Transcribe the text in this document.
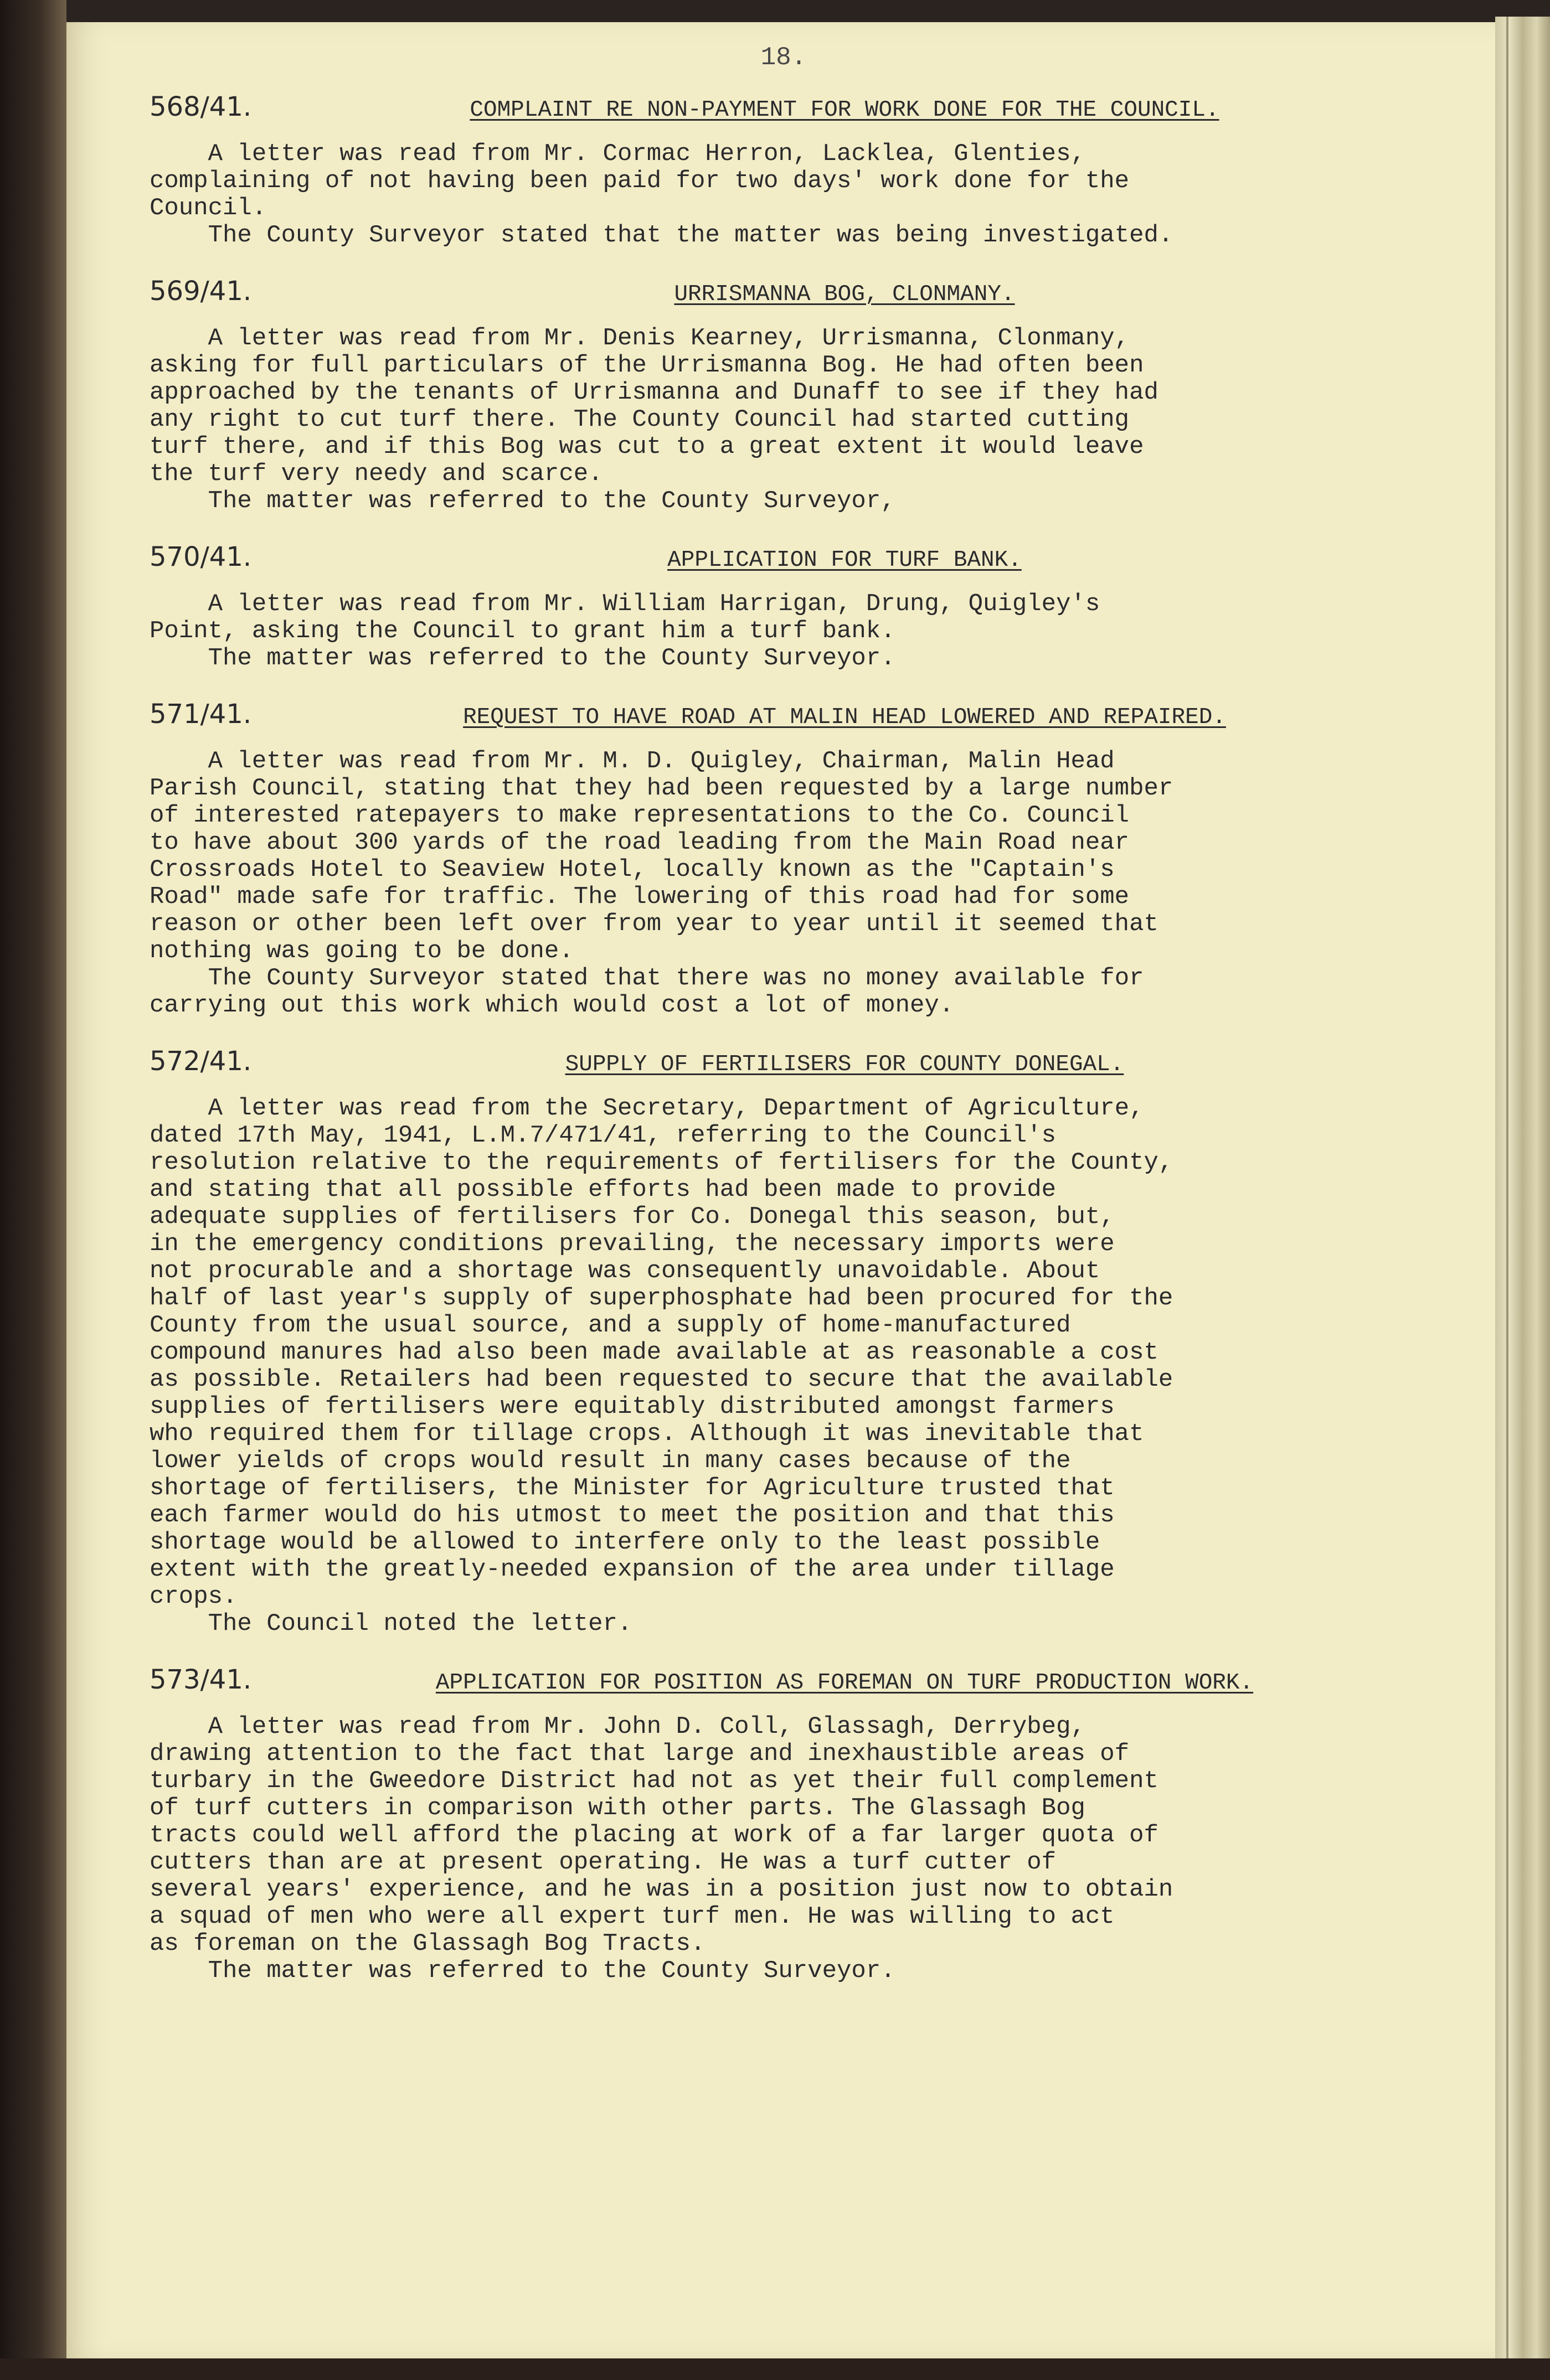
18.
568/41.	COMPLAINT RE NON-PAYMENT FOR WORK DONE FOR THE COUNCIL.

A letter was read from Mr. Cormac Herron, Lacklea, Glenties,
complaining of not having been paid for two days' work done for the
Council.
The County Surveyor stated that the matter was being investigated.

569/41.	URRISMANNA BOG, CLONMANY.

A letter was read from Mr. Denis Kearney, Urrismanna, Clonmany,
asking for full particulars of the Urrismanna Bog. He had often been
approached by the tenants of Urrismanna and Dunaff to see if they had
any right to cut turf there. The County Council had started cutting
turf there, and if this Bog was cut to a great extent it would leave
the turf very needy and scarce.
The matter was referred to the County Surveyor,

570/41.	APPLICATION FOR TURF BANK.

A letter was read from Mr. William Harrigan, Drung, Quigley's
Point, asking the Council to grant him a turf bank.
The matter was referred to the County Surveyor.

571/41.	REQUEST TO HAVE ROAD AT MALIN HEAD LOWERED AND REPAIRED.

A letter was read from Mr. M. D. Quigley, Chairman, Malin Head
Parish Council, stating that they had been requested by a large number
of interested ratepayers to make representations to the Co. Council
to have about 300 yards of the road leading from the Main Road near
Crossroads Hotel to Seaview Hotel, locally known as the "Captain's
Road" made safe for traffic. The lowering of this road had for some
reason or other been left over from year to year until it seemed that
nothing was going to be done.
The County Surveyor stated that there was no money available for
carrying out this work which would cost a lot of money.

572/41.	SUPPLY OF FERTILISERS FOR COUNTY DONEGAL.

A letter was read from the Secretary, Department of Agriculture,
dated 17th May, 1941, L.M.7/471/41, referring to the Council's
resolution relative to the requirements of fertilisers for the County,
and stating that all possible efforts had been made to provide
adequate supplies of fertilisers for Co. Donegal this season, but,
in the emergency conditions prevailing, the necessary imports were
not procurable and a shortage was consequently unavoidable. About
half of last year's supply of superphosphate had been procured for the
County from the usual source, and a supply of home-manufactured
compound manures had also been made available at as reasonable a cost
as possible. Retailers had been requested to secure that the available
supplies of fertilisers were equitably distributed amongst farmers
who required them for tillage crops. Although it was inevitable that
lower yields of crops would result in many cases because of the
shortage of fertilisers, the Minister for Agriculture trusted that
each farmer would do his utmost to meet the position and that this
shortage would be allowed to interfere only to the least possible
extent with the greatly-needed expansion of the area under tillage
crops.
The Council noted the letter.

573/41.	APPLICATION FOR POSITION AS FOREMAN ON TURF PRODUCTION WORK.

A letter was read from Mr. John D. Coll, Glassagh, Derrybeg,
drawing attention to the fact that large and inexhaustible areas of
turbary in the Gweedore District had not as yet their full complement
of turf cutters in comparison with other parts. The Glassagh Bog
tracts could well afford the placing at work of a far larger quota of
cutters than are at present operating. He was a turf cutter of
several years' experience, and he was in a position just now to obtain
a squad of men who were all expert turf men. He was willing to act
as foreman on the Glassagh Bog Tracts.
The matter was referred to the County Surveyor.
